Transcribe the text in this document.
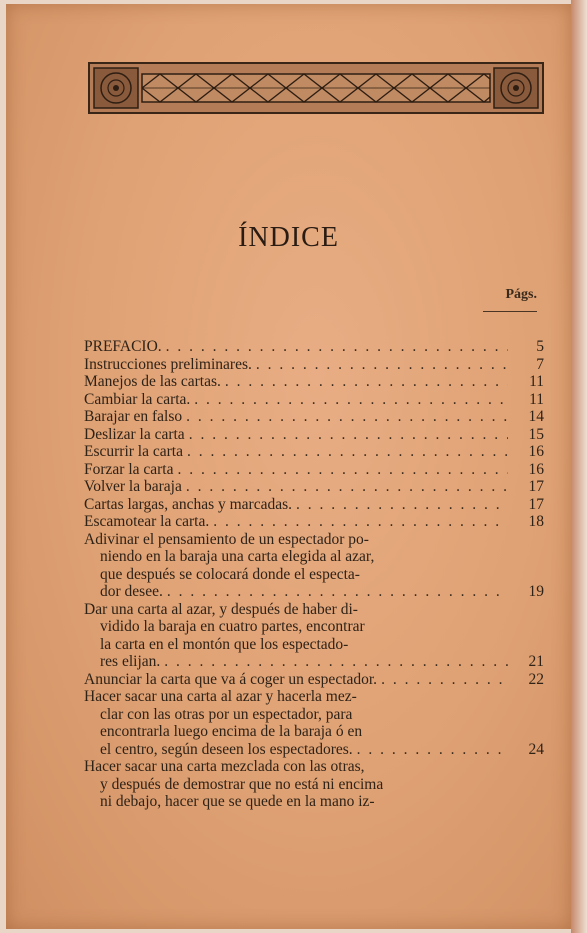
ÍNDICE
Págs.
PREFACIO. . . .	5
Instrucciones preliminares. . . .	7
Manejos de las cartas. . . .	11
Cambiar la carta. . . .	11
Barajar en falso . . .	14
Deslizar la carta . . .	15
Escurrir la carta . . .	16
Forzar la carta . . .	16
Volver la baraja . . .	17
Cartas largas, anchas y marcadas. . . .	17
Escamotear la carta. . . .	18
Adivinar el pensamiento de un espectador po-
niendo en la baraja una carta elegida al azar,
que después se colocará donde el especta-
dor desee. . . .	19
Dar una carta al azar, y después de haber di-
vidido la baraja en cuatro partes, encontrar
la carta en el montón que los espectado-
res elijan. . . .	21
Anunciar la carta que va á coger un espectador. . . .	22
Hacer sacar una carta al azar y hacerla mez-
clar con las otras por un espectador, para
encontrarla luego encima de la baraja ó en
el centro, según deseen los espectadores. . . .	24
Hacer sacar una carta mezclada con las otras,
y después de demostrar que no está ni encima
ni debajo, hacer que se quede en la mano iz-
